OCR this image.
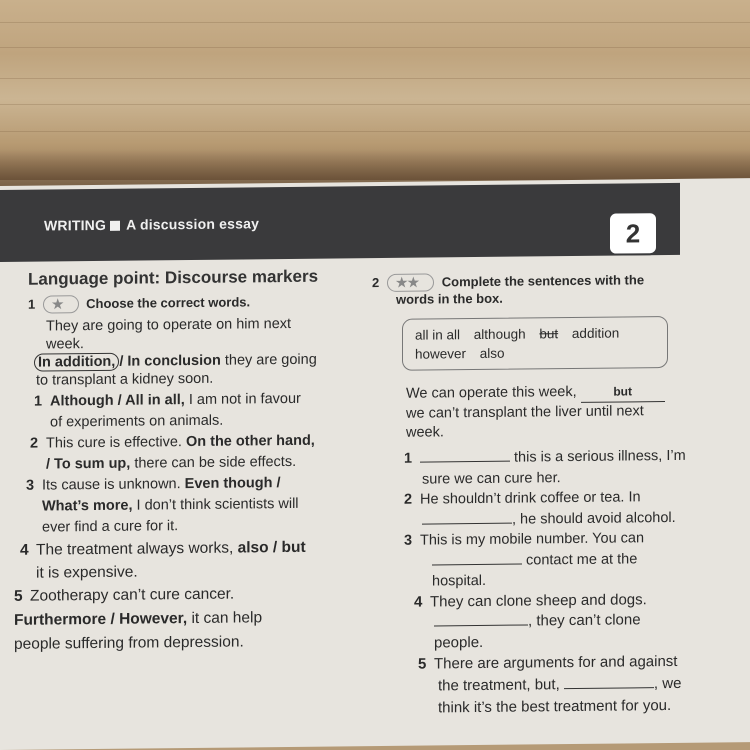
WRITING A discussion essay	2
Language point: Discourse markers
1 ★ Choose the correct words.
They are going to operate on him next
week.
In addition, / In conclusion they are going
to transplant a kidney soon.
1 Although / All in all, I am not in favour
of experiments on animals.
2 This cure is effective. On the other hand,
/ To sum up, there can be side effects.
3 Its cause is unknown. Even though /
What’s more, I don’t think scientists will
ever find a cure for it.
4 The treatment always works, also / but
it is expensive.
5 Zootherapy can’t cure cancer.
Furthermore / However, it can help
people suffering from depression.
2 ★★ Complete the sentences with the
words in the box.
all in all although but addition
however also
We can operate this week,	but
we can’t transplant the liver until next
week.
1	this is a serious illness, I’m
sure we can cure her.
2 He shouldn’t drink coffee or tea. In
, he should avoid alcohol.
3 This is my mobile number. You can
contact me at the
hospital.
4 They can clone sheep and dogs.
, they can’t clone people.
5 There are arguments for and against
the treatment, but,	, we
think it’s the best treatment for you.
